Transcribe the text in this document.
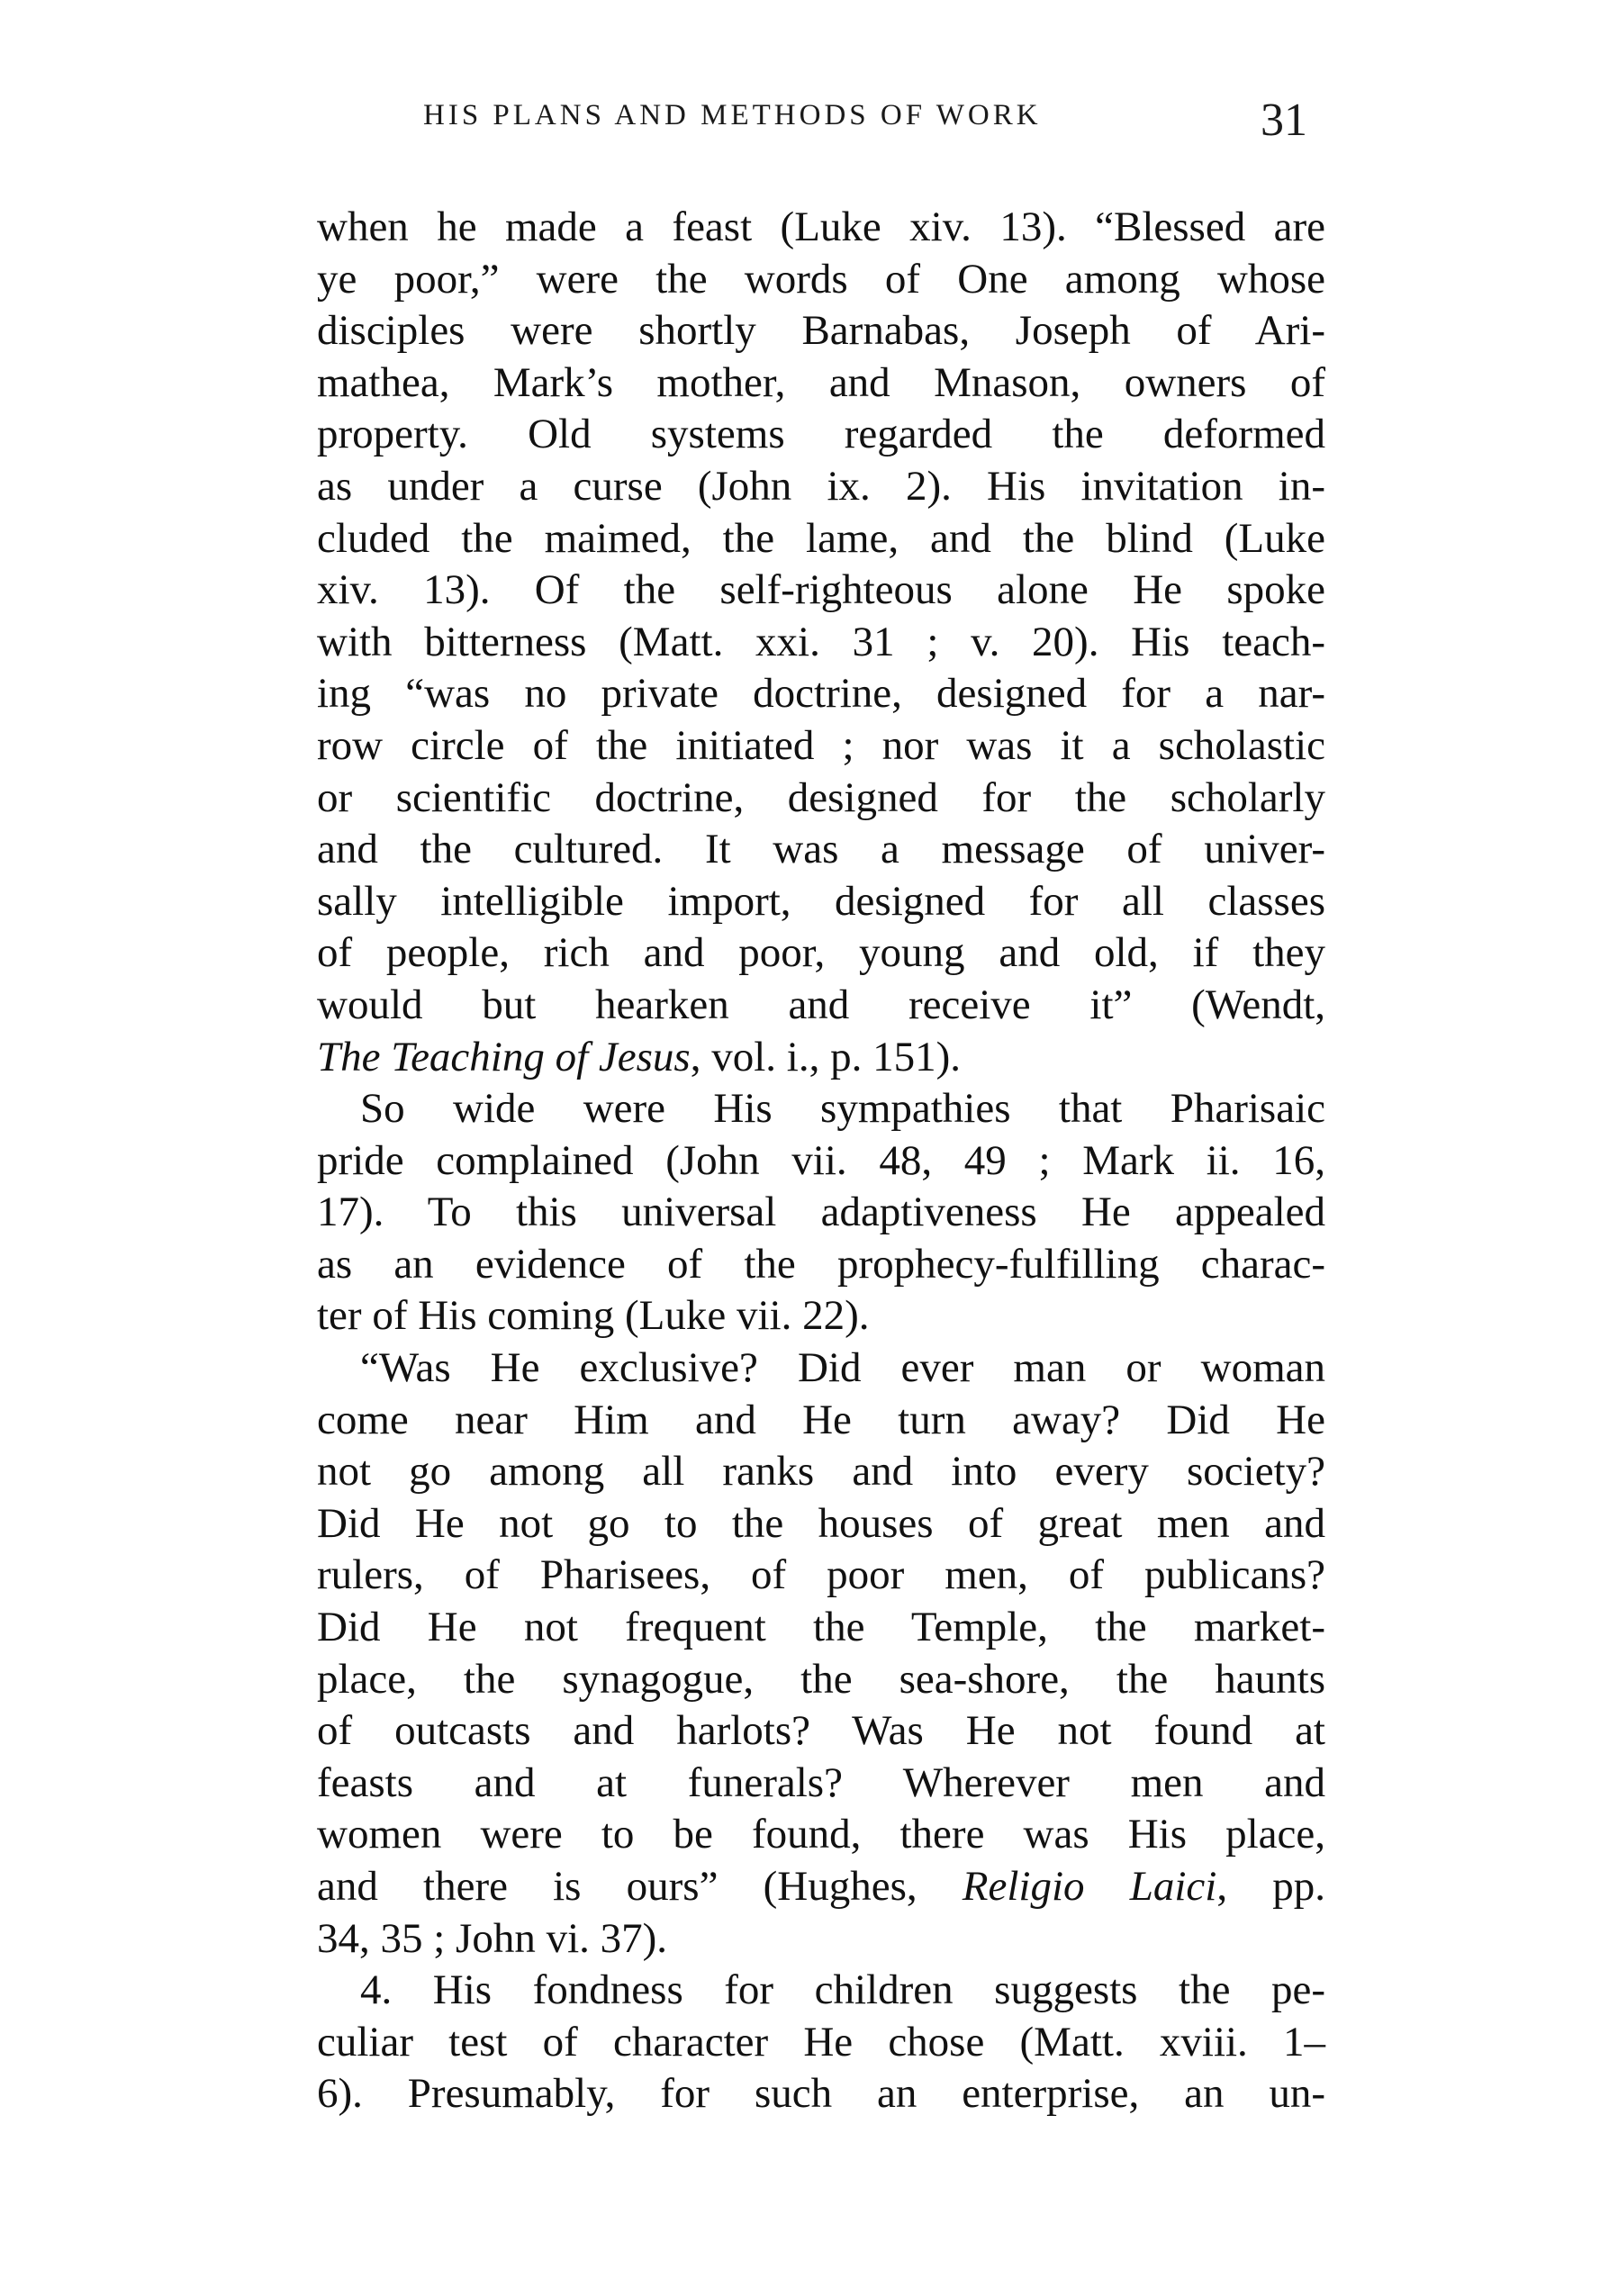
HIS PLANS AND METHODS OF WORK	31
when he made a feast (Luke xiv. 13). “Blessed are
ye poor,” were the words of One among whose
disciples were shortly Barnabas, Joseph of Ari-
mathea, Mark’s mother, and Mnason, owners of
property. Old systems regarded the deformed
as under a curse (John ix. 2). His invitation in-
cluded the maimed, the lame, and the blind (Luke
xiv. 13). Of the self-righteous alone He spoke
with bitterness (Matt. xxi. 31 ; v. 20). His teach-
ing “was no private doctrine, designed for a nar-
row circle of the initiated ; nor was it a scholastic
or scientific doctrine, designed for the scholarly
and the cultured. It was a message of univer-
sally intelligible import, designed for all classes
of people, rich and poor, young and old, if they
would but hearken and receive it” (Wendt,
The Teaching of Jesus, vol. i., p. 151).
So wide were His sympathies that Pharisaic
pride complained (John vii. 48, 49 ; Mark ii. 16,
17). To this universal adaptiveness He appealed
as an evidence of the prophecy-fulfilling charac-
ter of His coming (Luke vii. 22).
“Was He exclusive? Did ever man or woman
come near Him and He turn away? Did He
not go among all ranks and into every society?
Did He not go to the houses of great men and
rulers, of Pharisees, of poor men, of publicans?
Did He not frequent the Temple, the market-
place, the synagogue, the sea-shore, the haunts
of outcasts and harlots? Was He not found at
feasts and at funerals? Wherever men and
women were to be found, there was His place,
and there is ours” (Hughes, Religio Laici, pp.
34, 35 ; John vi. 37).
4. His fondness for children suggests the pe-
culiar test of character He chose (Matt. xviii. 1–
6). Presumably, for such an enterprise, an un-
